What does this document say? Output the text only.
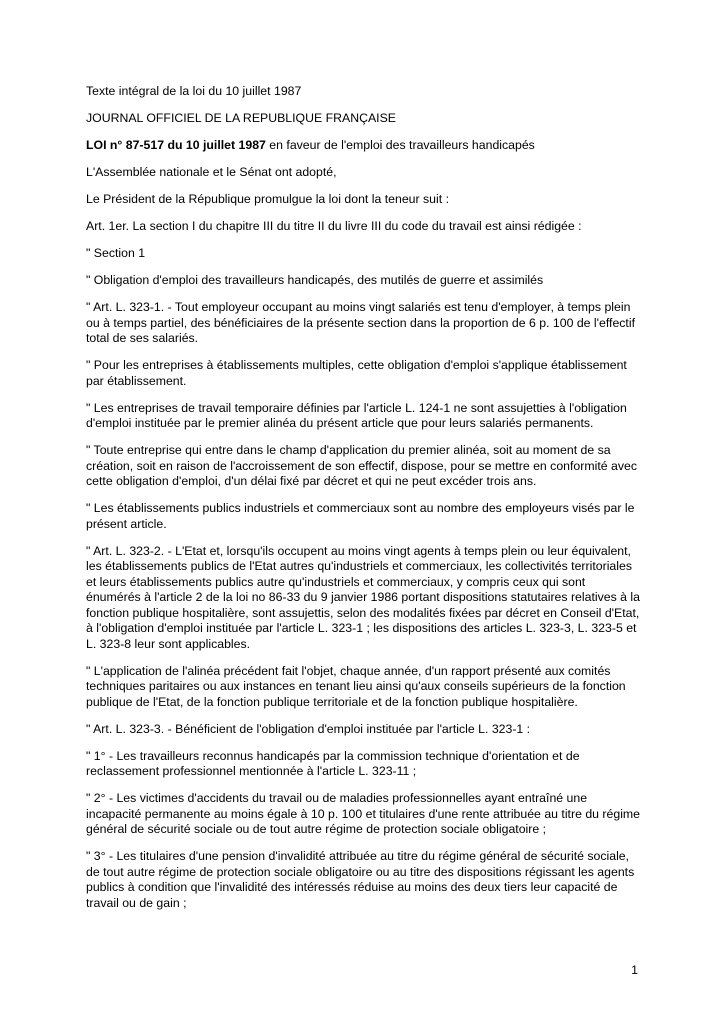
Texte intégral de la loi du 10 juillet 1987

JOURNAL OFFICIEL DE LA REPUBLIQUE FRANÇAISE

LOI n° 87-517 du 10 juillet 1987 en faveur de l'emploi des travailleurs handicapés

L'Assemblée nationale et le Sénat ont adopté,

Le Président de la République promulgue la loi dont la teneur suit :

Art. 1er. La section I du chapitre III du titre II du livre III du code du travail est ainsi rédigée :

" Section 1

" Obligation d'emploi des travailleurs handicapés, des mutilés de guerre et assimilés

" Art. L. 323-1. - Tout employeur occupant au moins vingt salariés est tenu d'employer, à temps plein ou à temps partiel, des bénéficiaires de la présente section dans la proportion de 6 p. 100 de l'effectif total de ses salariés.

" Pour les entreprises à établissements multiples, cette obligation d'emploi s'applique établissement par établissement.

" Les entreprises de travail temporaire définies par l'article L. 124-1 ne sont assujetties à l'obligation d'emploi instituée par le premier alinéa du présent article que pour leurs salariés permanents.

" Toute entreprise qui entre dans le champ d'application du premier alinéa, soit au moment de sa création, soit en raison de l'accroissement de son effectif, dispose, pour se mettre en conformité avec cette obligation d'emploi, d'un délai fixé par décret et qui ne peut excéder trois ans.

" Les établissements publics industriels et commerciaux sont au nombre des employeurs visés par le présent article.

" Art. L. 323-2. - L'Etat et, lorsqu'ils occupent au moins vingt agents à temps plein ou leur équivalent, les établissements publics de l'Etat autres qu'industriels et commerciaux, les collectivités territoriales et leurs établissements publics autre qu'industriels et commerciaux, y compris ceux qui sont énumérés à l'article 2 de la loi no 86-33 du 9 janvier 1986 portant dispositions statutaires relatives à la fonction publique hospitalière, sont assujettis, selon des modalités fixées par décret en Conseil d'Etat, à l'obligation d'emploi instituée par l'article L. 323-1 ; les dispositions des articles L. 323-3, L. 323-5 et L. 323-8 leur sont applicables.

" L'application de l'alinéa précédent fait l'objet, chaque année, d'un rapport présenté aux comités techniques paritaires ou aux instances en tenant lieu ainsi qu'aux conseils supérieurs de la fonction publique de l'Etat, de la fonction publique territoriale et de la fonction publique hospitalière.

" Art. L. 323-3. - Bénéficient de l'obligation d'emploi instituée par l'article L. 323-1 :

" 1° - Les travailleurs reconnus handicapés par la commission technique d'orientation et de reclassement professionnel mentionnée à l'article L. 323-11 ;

" 2° - Les victimes d'accidents du travail ou de maladies professionnelles ayant entraîné une incapacité permanente au moins égale à 10 p. 100 et titulaires d'une rente attribuée au titre du régime général de sécurité sociale ou de tout autre régime de protection sociale obligatoire ;

" 3° - Les titulaires d'une pension d'invalidité attribuée au titre du régime général de sécurité sociale, de tout autre régime de protection sociale obligatoire ou au titre des dispositions régissant les agents publics à condition que l'invalidité des intéressés réduise au moins des deux tiers leur capacité de travail ou de gain ;

1
